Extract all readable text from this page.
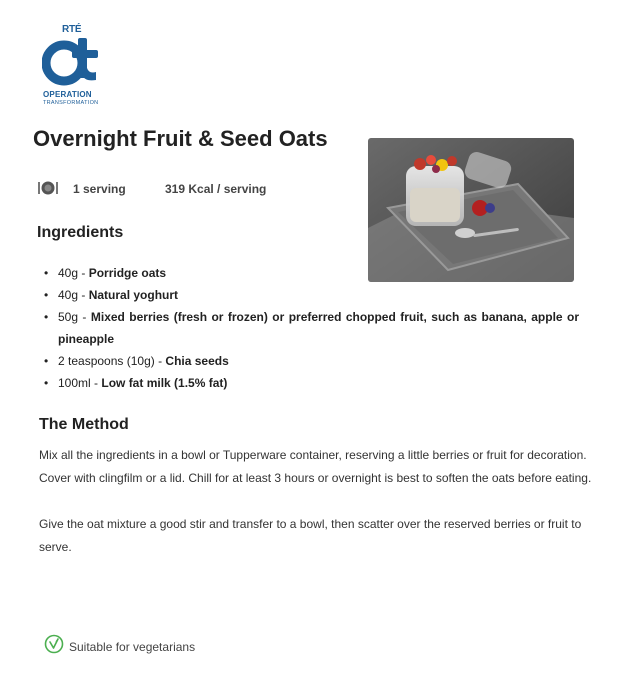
RTÉ
OPERATION
TRANSFORMATION
Overnight Fruit & Seed Oats
1 serving	319 Kcal / serving
Ingredients
• 40g - Porridge oats
• 40g - Natural yoghurt
• 50g - Mixed berries (fresh or frozen) or preferred chopped fruit, such as banana, apple or pineapple
• 2 teaspoons (10g) - Chia seeds
• 100ml - Low fat milk (1.5% fat)
The Method

Mix all the ingredients in a bowl or Tupperware container, reserving a little berries or fruit for decoration. Cover with clingfilm or a lid. Chill for at least 3 hours or overnight is best to soften the oats before eating.

Give the oat mixture a good stir and transfer to a bowl, then scatter over the reserved berries or fruit to serve.

Suitable for vegetarians
